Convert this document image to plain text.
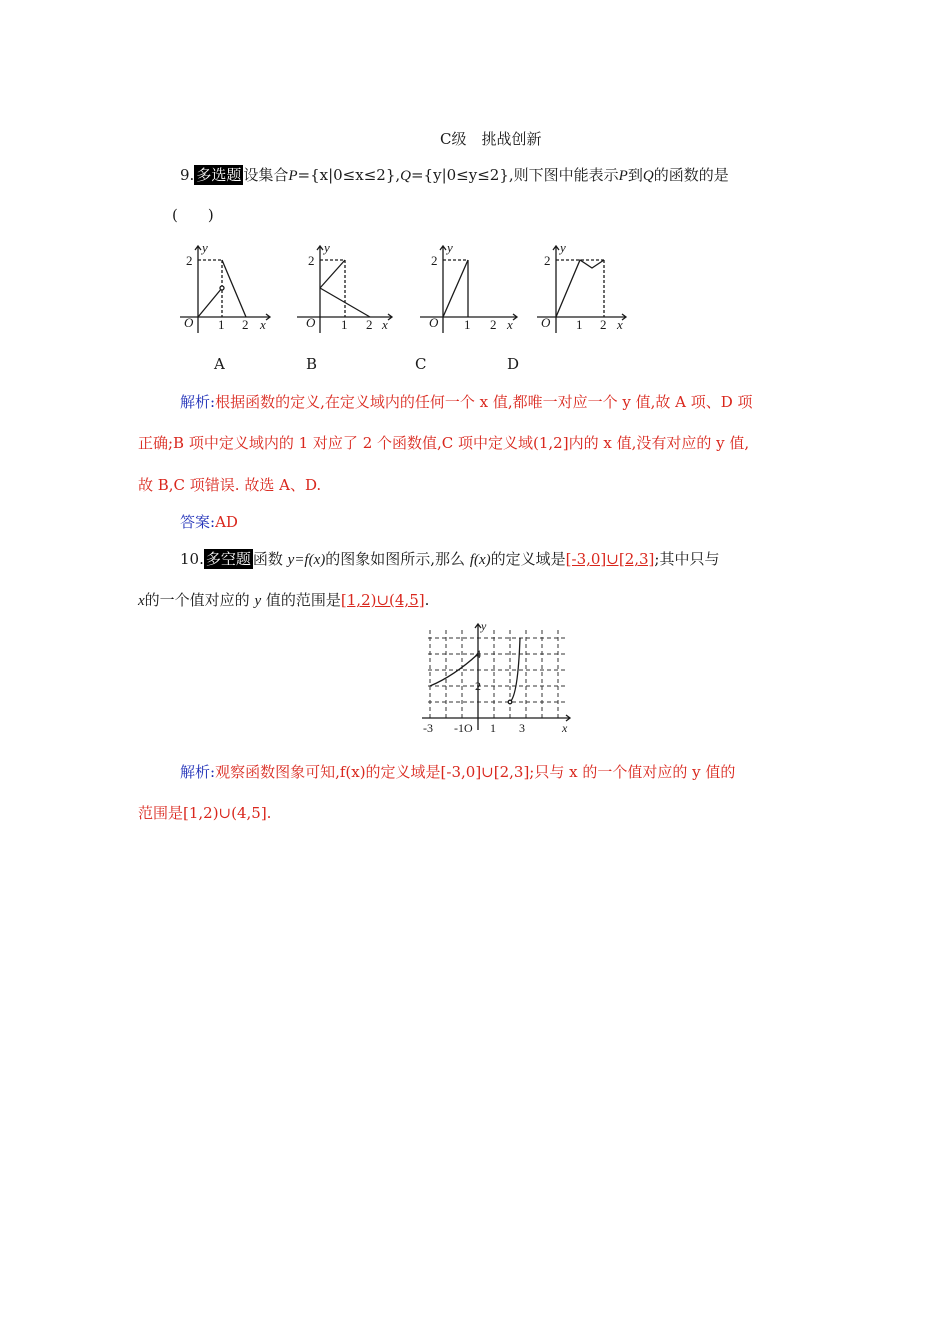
C级　挑战创新
9. 多选题 设集合P={x|0≤x≤2},Q={y|0≤y≤2},则下图中能表示P到Q的函数的是
(　　)
y
x
O
y
x
O
y
x
O
y
x
O
2
1 2
2
1 2
2
1 2
2
1 2
A	B	C	D
解析:根据函数的定义,在定义域内的任何一个 x 值,都唯一对应一个 y 值,故 A 项、D 项
正确;B 项中定义域内的 1 对应了 2 个函数值,C 项中定义域(1,2]内的 x 值,没有对应的 y 值,
故 B,C 项错误. 故选 A、D.
答案:AD
10. 多空题 函数 y=f(x)的图象如图所示,那么 f(x)的定义域是[-3,0]∪[2,3];其中只与
x的一个值对应的 y 值的范围是[1,2)∪(4,5].
y
x
4
2
-3 -1O 1 3
解析:观察函数图象可知,f(x)的定义域是[-3,0]∪[2,3];只与 x 的一个值对应的 y 值的
范围是[1,2)∪(4,5].
